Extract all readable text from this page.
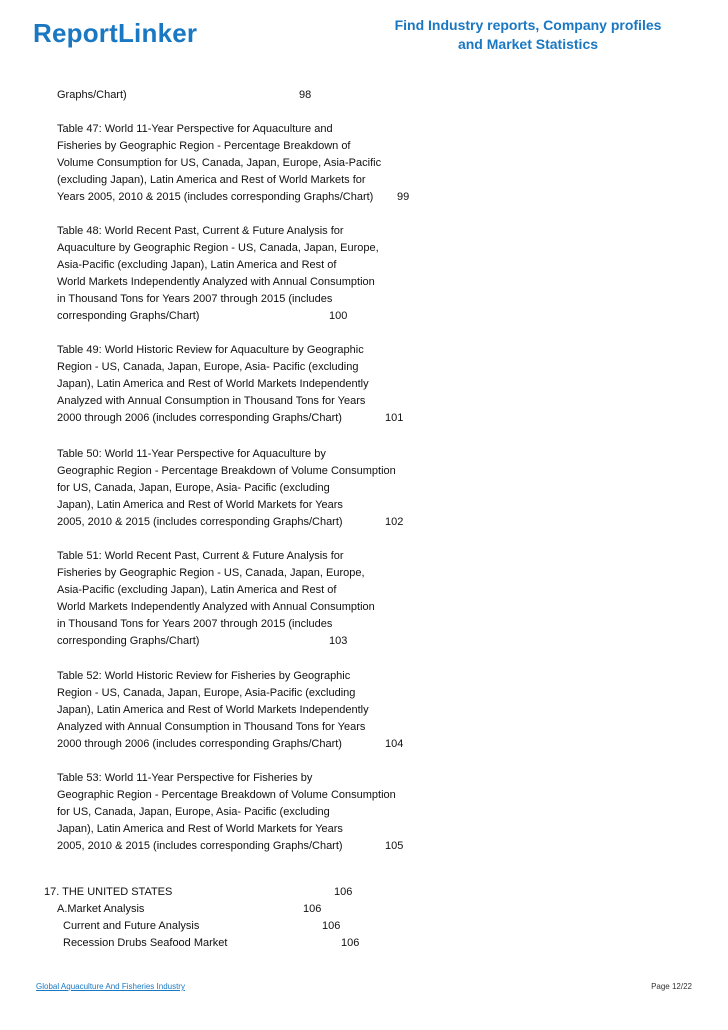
ReportLinker	Find Industry reports, Company profiles
and Market Statistics
Graphs/Chart)	98
Table 47: World 11-Year Perspective for Aquaculture and
Fisheries by Geographic Region - Percentage Breakdown of
Volume Consumption for US, Canada, Japan, Europe, Asia-Pacific
(excluding Japan), Latin America and Rest of World Markets for
Years 2005, 2010 & 2015 (includes corresponding Graphs/Chart) 99
Table 48: World Recent Past, Current & Future Analysis for
Aquaculture by Geographic Region - US, Canada, Japan, Europe,
Asia-Pacific (excluding Japan), Latin America and Rest of
World Markets Independently Analyzed with Annual Consumption
in Thousand Tons for Years 2007 through 2015 (includes
corresponding Graphs/Chart)	100
Table 49: World Historic Review for Aquaculture by Geographic
Region - US, Canada, Japan, Europe, Asia- Pacific (excluding
Japan), Latin America and Rest of World Markets Independently
Analyzed with Annual Consumption in Thousand Tons for Years
2000 through 2006 (includes corresponding Graphs/Chart)	101
Table 50: World 11-Year Perspective for Aquaculture by
Geographic Region - Percentage Breakdown of Volume Consumption
for US, Canada, Japan, Europe, Asia- Pacific (excluding
Japan), Latin America and Rest of World Markets for Years
2005, 2010 & 2015 (includes corresponding Graphs/Chart)	102
Table 51: World Recent Past, Current & Future Analysis for
Fisheries by Geographic Region - US, Canada, Japan, Europe,
Asia-Pacific (excluding Japan), Latin America and Rest of
World Markets Independently Analyzed with Annual Consumption
in Thousand Tons for Years 2007 through 2015 (includes
corresponding Graphs/Chart)	103
Table 52: World Historic Review for Fisheries by Geographic
Region - US, Canada, Japan, Europe, Asia-Pacific (excluding
Japan), Latin America and Rest of World Markets Independently
Analyzed with Annual Consumption in Thousand Tons for Years
2000 through 2006 (includes corresponding Graphs/Chart)	104
Table 53: World 11-Year Perspective for Fisheries by
Geographic Region - Percentage Breakdown of Volume Consumption
for US, Canada, Japan, Europe, Asia- Pacific (excluding
Japan), Latin America and Rest of World Markets for Years
2005, 2010 & 2015 (includes corresponding Graphs/Chart)	105
17. THE UNITED STATES	106
A.Market Analysis	106
Current and Future Analysis	106
Recession Drubs Seafood Market	106
Global Aquaculture And Fisheries Industry	Page 12/22
